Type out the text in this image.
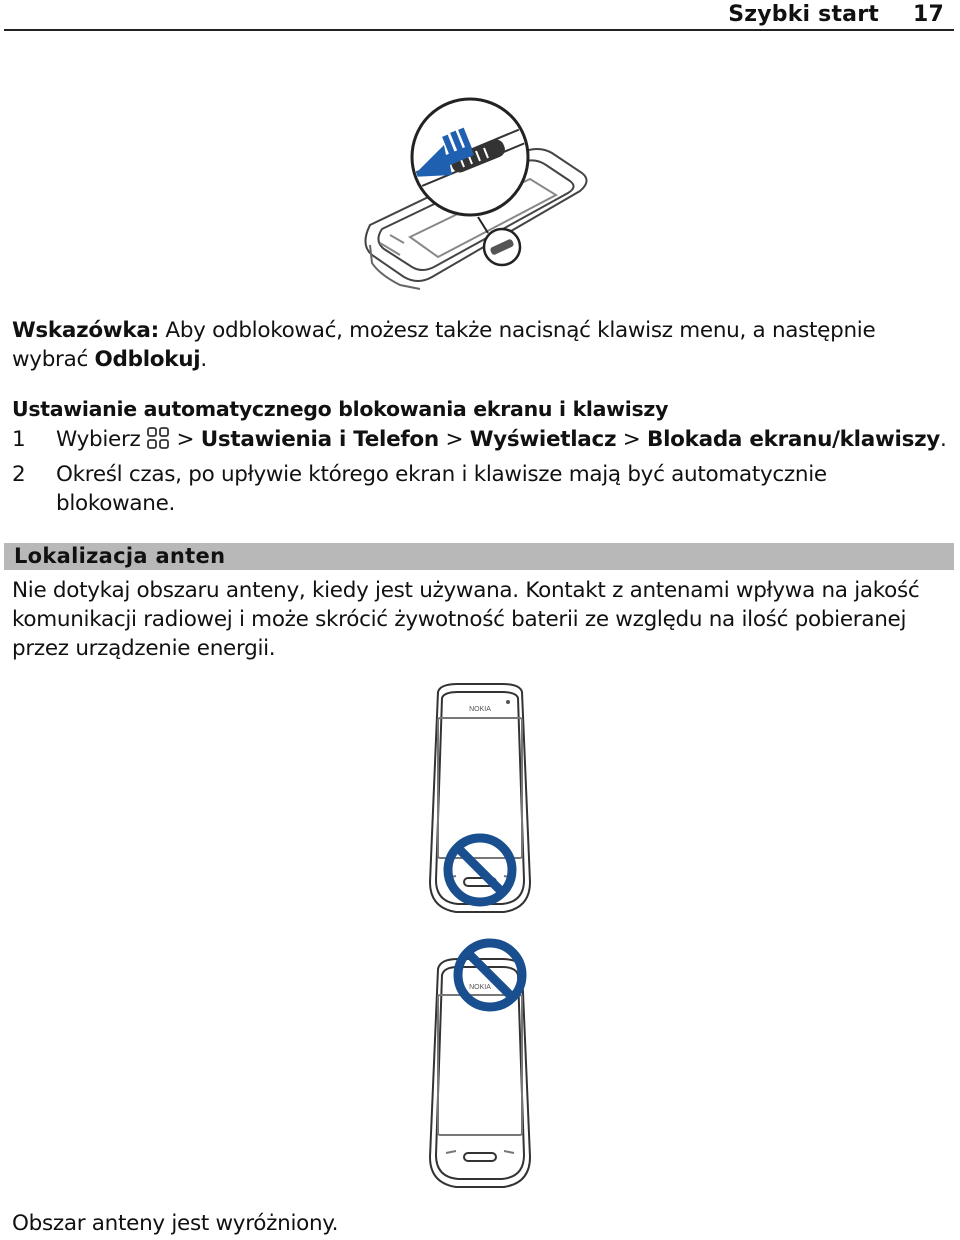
Szybki start 17
Wskazówka: Aby odblokować, możesz także nacisnąć klawisz menu, a następnie
wybrać Odblokuj.
Ustawianie automatycznego blokowania ekranu i klawiszy
1 Wybierz > Ustawienia i Telefon > Wyświetlacz > Blokada ekranu/klawiszy.
2 Określ czas, po upływie którego ekran i klawisze mają być automatycznie
blokowane.
Lokalizacja anten
Nie dotykaj obszaru anteny, kiedy jest używana. Kontakt z antenami wpływa na jakość
komunikacji radiowej i może skrócić żywotność baterii ze względu na ilość pobieranej
przez urządzenie energii.
NOKIA
NOKIA
Obszar anteny jest wyróżniony.
